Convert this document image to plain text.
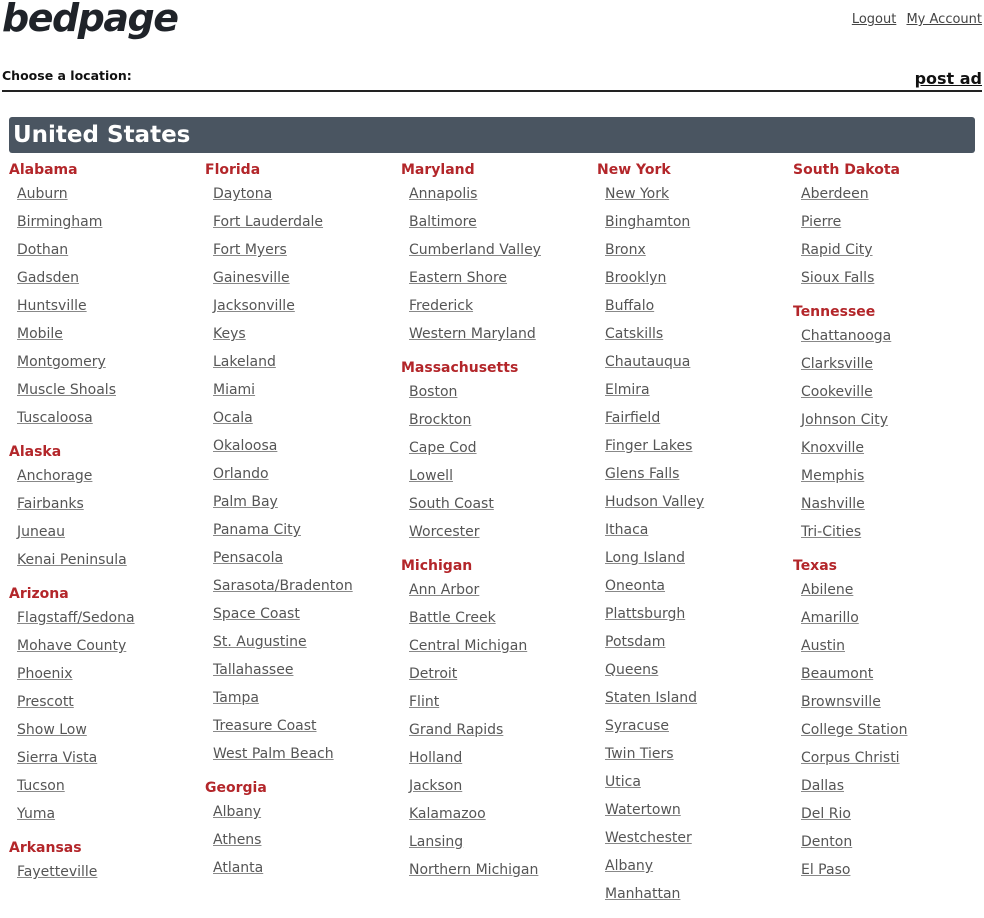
bedpage	Logout My Account
Choose a location:	post ad
United States
Alabama
Auburn
Birmingham
Dothan
Gadsden
Huntsville
Mobile
Montgomery
Muscle Shoals
Tuscaloosa
Alaska
Anchorage
Fairbanks
Juneau
Kenai Peninsula
Arizona
Flagstaff/Sedona
Mohave County
Phoenix
Prescott
Show Low
Sierra Vista
Tucson
Yuma
Arkansas
Fayetteville
Florida
Daytona
Fort Lauderdale
Fort Myers
Gainesville
Jacksonville
Keys
Lakeland
Miami
Ocala
Okaloosa
Orlando
Palm Bay
Panama City
Pensacola
Sarasota/Bradenton
Space Coast
St. Augustine
Tallahassee
Tampa
Treasure Coast
West Palm Beach
Georgia
Albany
Athens
Atlanta
Maryland
Annapolis
Baltimore
Cumberland Valley
Eastern Shore
Frederick
Western Maryland
Massachusetts
Boston
Brockton
Cape Cod
Lowell
South Coast
Worcester
Michigan
Ann Arbor
Battle Creek
Central Michigan
Detroit
Flint
Grand Rapids
Holland
Jackson
Kalamazoo
Lansing
Northern Michigan
New York
New York
Binghamton
Bronx
Brooklyn
Buffalo
Catskills
Chautauqua
Elmira
Fairfield
Finger Lakes
Glens Falls
Hudson Valley
Ithaca
Long Island
Oneonta
Plattsburgh
Potsdam
Queens
Staten Island
Syracuse
Twin Tiers
Utica
Watertown
Westchester
Albany
Manhattan
South Dakota
Aberdeen
Pierre
Rapid City
Sioux Falls
Tennessee
Chattanooga
Clarksville
Cookeville
Johnson City
Knoxville
Memphis
Nashville
Tri-Cities
Texas
Abilene
Amarillo
Austin
Beaumont
Brownsville
College Station
Corpus Christi
Dallas
Del Rio
Denton
El Paso
